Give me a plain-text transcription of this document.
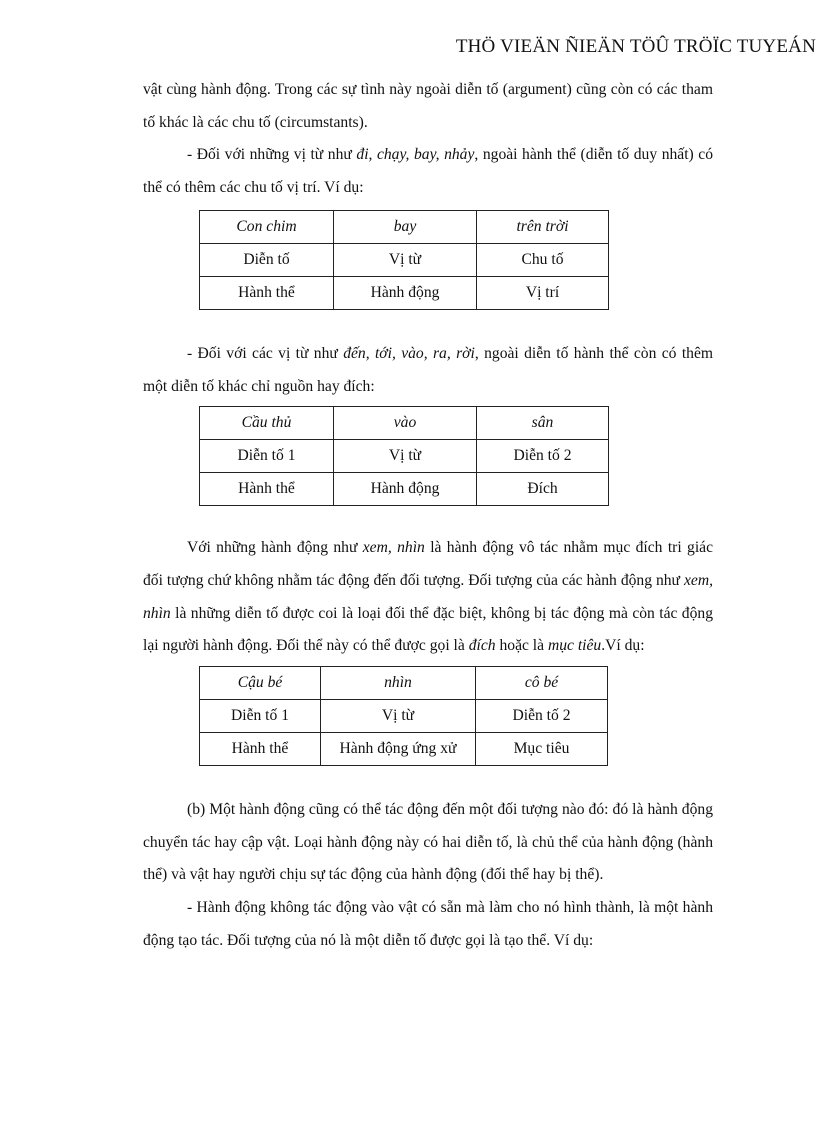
THÖ VIEÄN ÑIEÄN TÖÛ TRÖÏC TUYEÁN

vật cùng hành động. Trong các sự tình này ngoài diễn tố (argument) cũng còn có các tham tố khác là các chu tố (circumstants).

- Đối với những vị từ như đi, chạy, bay, nhảy, ngoài hành thể (diễn tố duy nhất) có thể có thêm các chu tố vị trí. Ví dụ:

Con chim	bay	trên trời
Diễn tố	Vị từ	Chu tố
Hành thể	Hành động	Vị trí

- Đối với các vị từ như đến, tới, vào, ra, rời, ngoài diễn tố hành thể còn có thêm một diễn tố khác chỉ nguồn hay đích:

Cầu thủ	vào	sân
Diễn tố 1	Vị từ	Diễn tố 2
Hành thể	Hành động	Đích

Với những hành động như xem, nhìn là hành động vô tác nhằm mục đích tri giác đối tượng chứ không nhằm tác động đến đối tượng. Đối tượng của các hành động như xem, nhìn là những diễn tố được coi là loại đối thể đặc biệt, không bị tác động mà còn tác động lại người hành động. Đối thể này có thể được gọi là đích hoặc là mục tiêu.Ví dụ:

Cậu bé	nhìn	cô bé
Diễn tố 1	Vị từ	Diễn tố 2
Hành thể	Hành động ứng xử	Mục tiêu

(b) Một hành động cũng có thể tác động đến một đối tượng nào đó: đó là hành động chuyển tác hay cập vật. Loại hành động này có hai diễn tố, là chủ thể của hành động (hành thể) và vật hay người chịu sự tác động của hành động (đối thể hay bị thể).

- Hành động không tác động vào vật có sẵn mà làm cho nó hình thành, là một hành động tạo tác. Đối tượng của nó là một diễn tố được gọi là tạo thể. Ví dụ:
